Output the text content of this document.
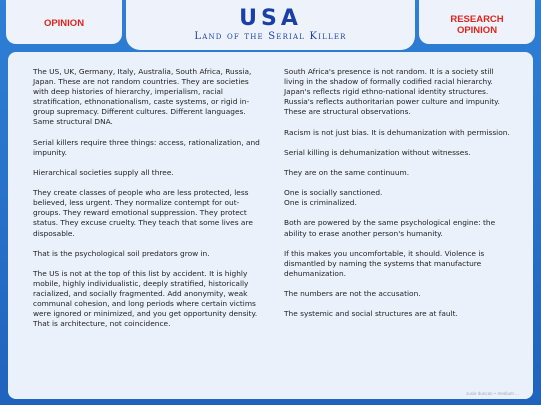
OPINION	USA
Land of the Serial Killer
RESEARCH
OPINION

The US, UK, Germany, Italy, Australia, South Africa, Russia, Japan. These are not random countries. They are societies with deep histories of hierarchy, imperialism, racial stratification, ethnonationalism, caste systems, or rigid in-group supremacy. Different cultures. Different languages. Same structural DNA.

Serial killers require three things: access, rationalization, and impunity.

Hierarchical societies supply all three.

They create classes of people who are less protected, less believed, less urgent. They normalize contempt for out-groups. They reward emotional suppression. They protect status. They excuse cruelty. They teach that some lives are disposable.

That is the psychological soil predators grow in.

The US is not at the top of this list by accident. It is highly mobile, highly individualistic, deeply stratified, historically racialized, and socially fragmented. Add anonymity, weak communal cohesion, and long periods where certain victims were ignored or minimized, and you get opportunity density. That is architecture, not coincidence.

South Africa's presence is not random. It is a society still living in the shadow of formally codified racial hierarchy. Japan's reflects rigid ethno-national identity structures. Russia's reflects authoritarian power culture and impunity. These are structural observations.

Racism is not just bias. It is dehumanization with permission.

Serial killing is dehumanization without witnesses.

They are on the same continuum.

One is socially sanctioned.
One is criminalized.

Both are powered by the same psychological engine: the ability to erase another person's humanity.

If this makes you uncomfortable, it should. Violence is dismantled by naming the systems that manufacture dehumanization.

The numbers are not the accusation.

The systemic and social structures are at fault.

susie duncan • medium ...
